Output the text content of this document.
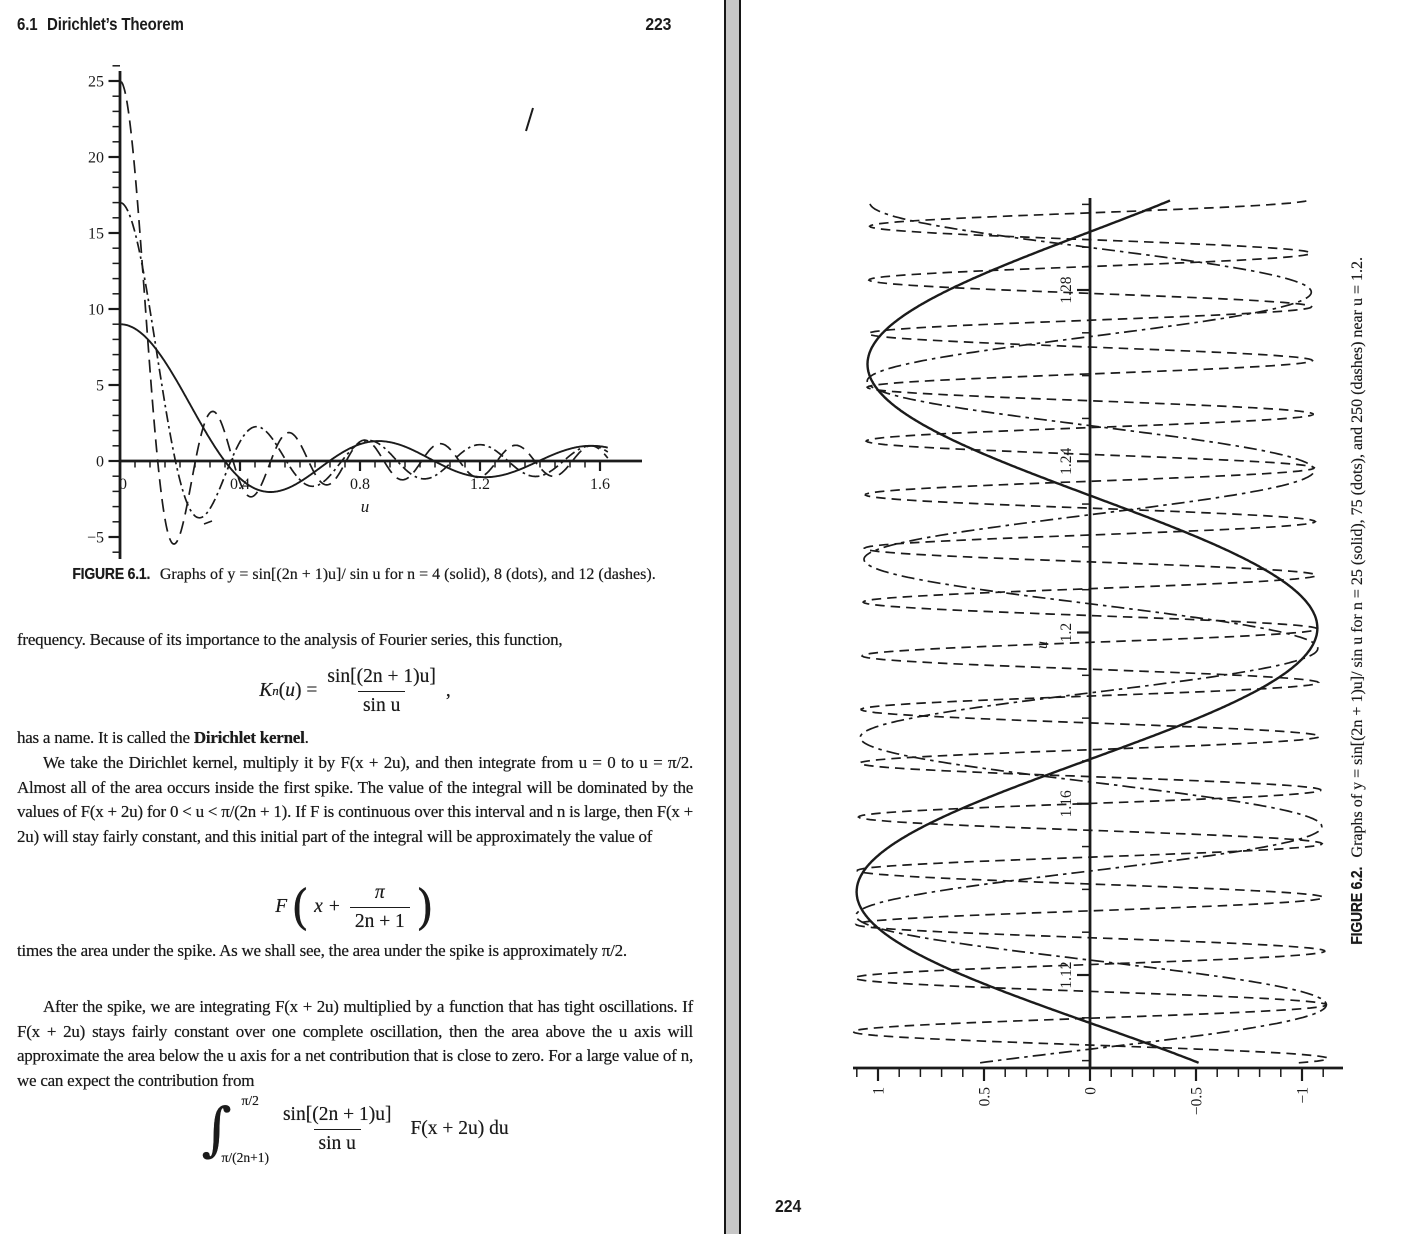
6.1 Dirichlet’s Theorem	223
−5
0
5
10
15
20
25
0	0.4	0.8	1.2	1.6
u
FIGURE 6.1. Graphs of y = sin[(2n + 1)u]/ sin u for n = 4 (solid), 8 (dots), and 12 (dashes).

frequency. Because of its importance to the analysis of Fourier series, this function,

K n ( u ) = $\frac{\sin[(2n + 1)u]}{\text{sin u}}$ ,

has a name. It is called the Dirichlet kernel.

We take the Dirichlet kernel, multiply it by F(x + 2u), and then integrate from u = 0 to u = π/2. Almost all of the area occurs inside the first spike. The value of the integral will be dominated by the values of F(x + 2u) for 0 < u < π/(2n + 1). If F is continuous over this interval and n is large, then F(x + 2u) will stay fairly constant, and this initial part of the integral will be approximately the value of

F ( $x + \frac{\pi}{2n + 1}$ )

times the area under the spike. As we shall see, the area under the spike is approximately π/2.

After the spike, we are integrating F(x + 2u) multiplied by a function that has tight oscillations. If F(x + 2u) stays fairly constant over one complete oscillation, then the area above the u axis will approximate the area below the u axis for a net contribution that is close to zero. For a large value of n, we can expect the contribution from

∫ π/2
π/(2n+1)
$\frac{\sin[(2n + 1)u]}{\text{sin u}} F(x + 2u)$ du
1.12
1.16
1.2
1.24
1.28
u
1	0.5	0	−0.5	−1
FIGURE 6.2. Graphs of y = sin[(2n + 1)u]/ sin u for n = 25 (solid), 75 (dots), and 250 (dashes) near u = 1.2.
224
